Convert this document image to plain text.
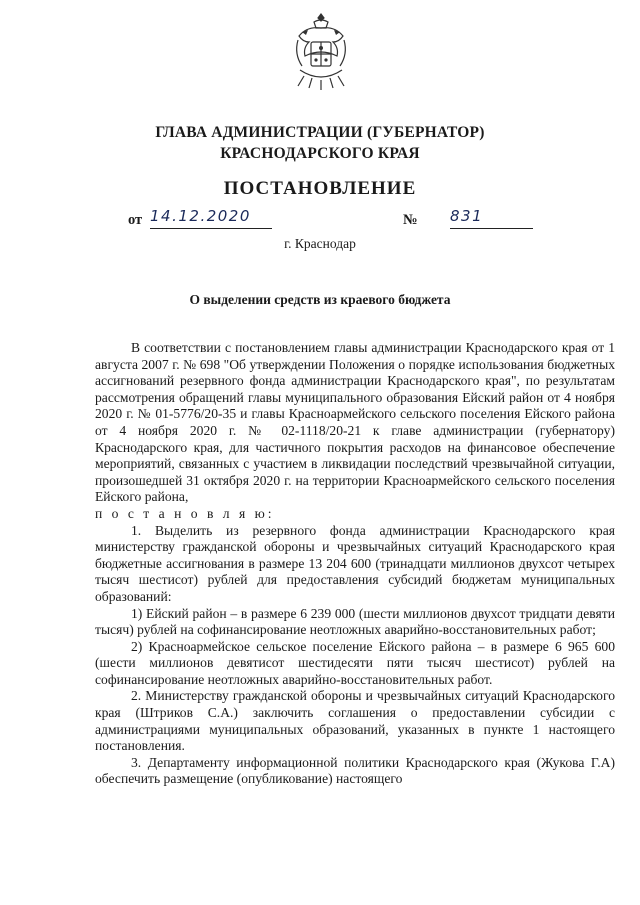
ГЛАВА АДМИНИСТРАЦИИ (ГУБЕРНАТОР)
КРАСНОДАРСКОГО КРАЯ
ПОСТАНОВЛЕНИЕ
от 14.12.2020	№ 831
г. Краснодар
О выделении средств из краевого бюджета

В соответствии с постановлением главы администрации Краснодарского края от 1 августа 2007 г. № 698 "Об утверждении Положения о порядке использования бюджетных ассигнований резервного фонда администрации Краснодарского края", по результатам рассмотрения обращений главы муниципального образования Ейский район от 4 ноября 2020 г. № 01-5776/20-35 и главы Красноармейского сельского поселения Ейского района от 4 ноября 2020 г. № 02-1118/20-21 к главе администрации (губернатору) Краснодарского края, для частичного покрытия расходов на финансовое обеспечение мероприятий, связанных с участием в ликвидации последствий чрезвычайной ситуации, произошедшей 31 октября 2020 г. на территории Красноармейского сельского поселения Ейского района,

п о с т а н о в л я ю:

1. Выделить из резервного фонда администрации Краснодарского края министерству гражданской обороны и чрезвычайных ситуаций Краснодарского края бюджетные ассигнования в размере 13 204 600 (тринадцати миллионов двухсот четырех тысяч шестисот) рублей для предоставления субсидий бюджетам муниципальных образований:

1) Ейский район – в размере 6 239 000 (шести миллионов двухсот тридцати девяти тысяч) рублей на софинансирование неотложных аварийно-восстановительных работ;

2) Красноармейское сельское поселение Ейского района – в размере 6 965 600 (шести миллионов девятисот шестидесяти пяти тысяч шестисот) рублей на софинансирование неотложных аварийно-восстановительных работ.

2. Министерству гражданской обороны и чрезвычайных ситуаций Краснодарского края (Штриков С.А.) заключить соглашения о предоставлении субсидии с администрациями муниципальных образований, указанных в пункте 1 настоящего постановления.

3. Департаменту информационной политики Краснодарского края (Жукова Г.А) обеспечить размещение (опубликование) настоящего
